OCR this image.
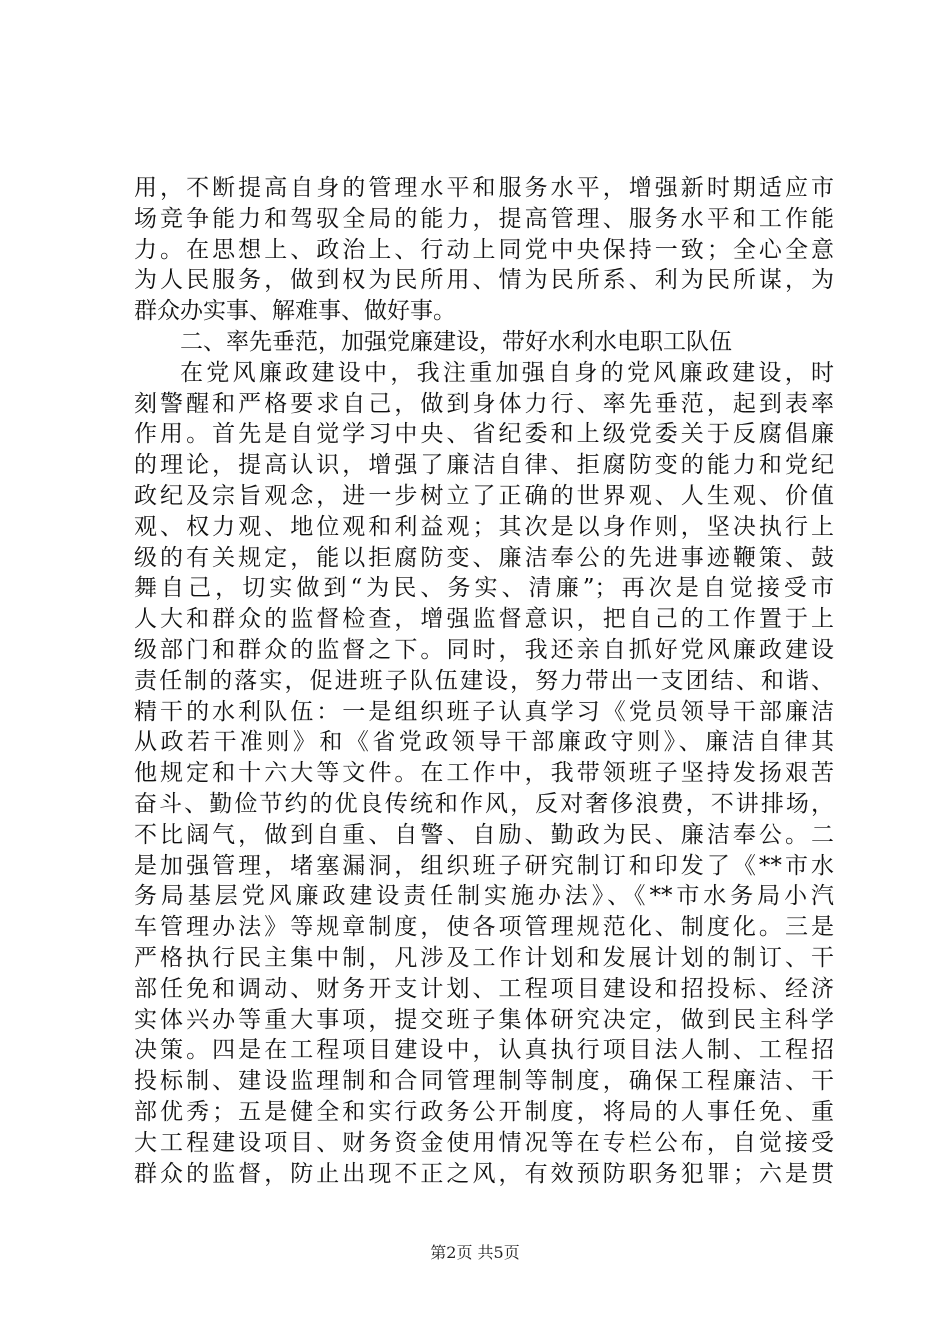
用，不断提高自身的管理水平和服务水平，增强新时期适应市
场竞争能力和驾驭全局的能力，提高管理、服务水平和工作能
力。在思想上、政治上、行动上同党中央保持一致；全心全意
为人民服务，做到权为民所用、情为民所系、利为民所谋，为
群众办实事、解难事、做好事。
二、率先垂范，加强党廉建设，带好水利水电职工队伍
在党风廉政建设中，我注重加强自身的党风廉政建设，时
刻警醒和严格要求自己，做到身体力行、率先垂范，起到表率
作用。首先是自觉学习中央、省纪委和上级党委关于反腐倡廉
的理论，提高认识，增强了廉洁自律、拒腐防变的能力和党纪
政纪及宗旨观念，进一步树立了正确的世界观、人生观、价值
观、权力观、地位观和利益观；其次是以身作则，坚决执行上
级的有关规定，能以拒腐防变、廉洁奉公的先进事迹鞭策、鼓
舞自己，切实做到“为民、务实、清廉”；再次是自觉接受市
人大和群众的监督检查，增强监督意识，把自己的工作置于上
级部门和群众的监督之下。同时，我还亲自抓好党风廉政建设
责任制的落实，促进班子队伍建设，努力带出一支团结、和谐、
精干的水利队伍：一是组织班子认真学习《党员领导干部廉洁
从政若干准则》和《省党政领导干部廉政守则》、廉洁自律其
他规定和十六大等文件。在工作中，我带领班子坚持发扬艰苦
奋斗、勤俭节约的优良传统和作风，反对奢侈浪费，不讲排场，
不比阔气，做到自重、自警、自励、勤政为民、廉洁奉公。二
是加强管理，堵塞漏洞，组织班子研究制订和印发了《**市水
务局基层党风廉政建设责任制实施办法》、《**市水务局小汽
车管理办法》等规章制度，使各项管理规范化、制度化。三是
严格执行民主集中制，凡涉及工作计划和发展计划的制订、干
部任免和调动、财务开支计划、工程项目建设和招投标、经济
实体兴办等重大事项，提交班子集体研究决定，做到民主科学
决策。四是在工程项目建设中，认真执行项目法人制、工程招
投标制、建设监理制和合同管理制等制度，确保工程廉洁、干
部优秀；五是健全和实行政务公开制度，将局的人事任免、重
大工程建设项目、财务资金使用情况等在专栏公布，自觉接受
群众的监督，防止出现不正之风，有效预防职务犯罪；六是贯
第2页 共5页
